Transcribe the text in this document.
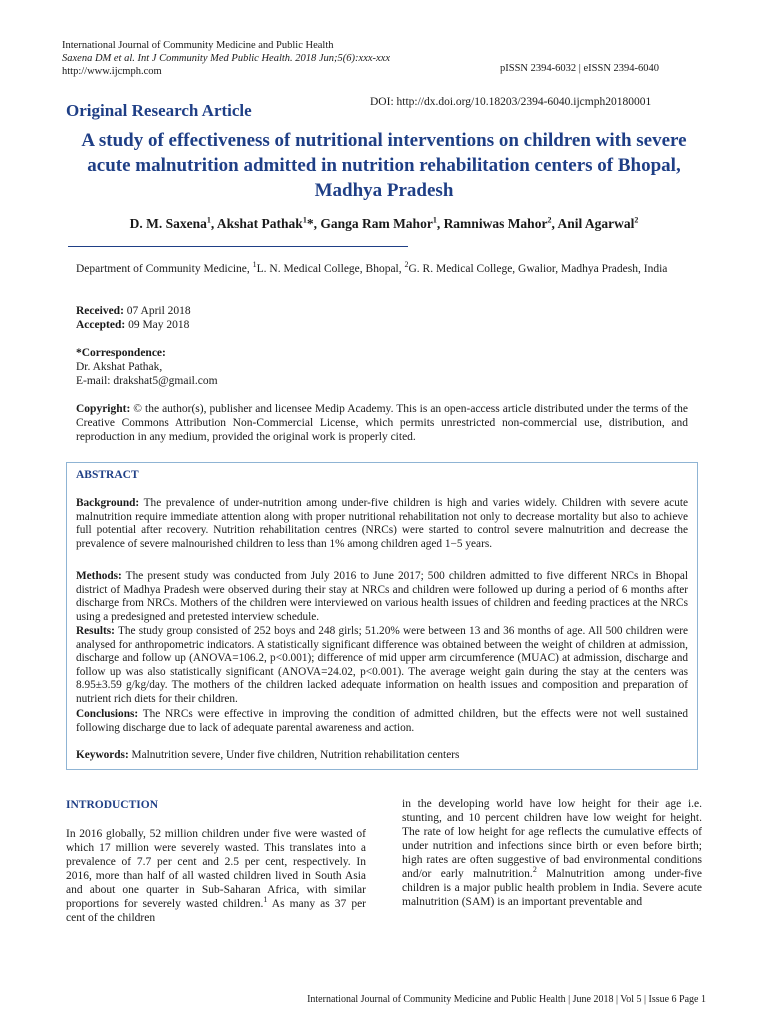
International Journal of Community Medicine and Public Health
Saxena DM et al. Int J Community Med Public Health. 2018 Jun;5(6):xxx-xxx
http://www.ijcmph.com	pISSN 2394-6032 | eISSN 2394-6040
DOI: http://dx.doi.org/10.18203/2394-6040.ijcmph20180001
Original Research Article
A study of effectiveness of nutritional interventions on children with severe acute malnutrition admitted in nutrition rehabilitation centers of Bhopal, Madhya Pradesh
D. M. Saxena$^1$, Akshat Pathak$^1$*, Ganga Ram Mahor$^1$, Ramniwas Mahor$^2$, Anil Agarwal$^2$
Department of Community Medicine, $^1$L. N. Medical College, Bhopal, $^2$G. R. Medical College, Gwalior, Madhya Pradesh, India
Received: 07 April 2018
Accepted: 09 May 2018
*Correspondence:
Dr. Akshat Pathak,
E-mail: drakshat5@gmail.com
Copyright: © the author(s), publisher and licensee Medip Academy. This is an open-access article distributed under the terms of the Creative Commons Attribution Non-Commercial License, which permits unrestricted non-commercial use, distribution, and reproduction in any medium, provided the original work is properly cited.
ABSTRACT
Background: The prevalence of under-nutrition among under-five children is high and varies widely. Children with severe acute malnutrition require immediate attention along with proper nutritional rehabilitation not only to decrease mortality but also to achieve full potential after recovery. Nutrition rehabilitation centres (NRCs) were started to control severe malnutrition and decrease the prevalence of severe malnourished children to less than 1% among children aged 1−5 years.
Methods: The present study was conducted from July 2016 to June 2017; 500 children admitted to five different NRCs in Bhopal district of Madhya Pradesh were observed during their stay at NRCs and children were followed up during a period of 6 months after discharge from NRCs. Mothers of the children were interviewed on various health issues of children and feeding practices at the NRCs using a predesigned and pretested interview schedule.
Results: The study group consisted of 252 boys and 248 girls; 51.20% were between 13 and 36 months of age. All 500 children were analysed for anthropometric indicators. A statistically significant difference was obtained between the weight of children at admission, discharge and follow up (ANOVA=106.2, p<0.001); difference of mid upper arm circumference (MUAC) at admission, discharge and follow up was also statistically significant (ANOVA=24.02, p<0.001). The average weight gain during the stay at the centers was 8.95±3.59 g/kg/day. The mothers of the children lacked adequate information on health issues and composition and preparation of nutrient rich diets for their children.
Conclusions: The NRCs were effective in improving the condition of admitted children, but the effects were not well sustained following discharge due to lack of adequate parental awareness and action.
Keywords: Malnutrition severe, Under five children, Nutrition rehabilitation centers
INTRODUCTION
In 2016 globally, 52 million children under five were wasted of which 17 million were severely wasted. This translates into a prevalence of 7.7 per cent and 2.5 per cent, respectively. In 2016, more than half of all wasted children lived in South Asia and about one quarter in Sub-Saharan Africa, with similar proportions for severely wasted children.$^1$ As many as 37 per cent of the children
in the developing world have low height for their age i.e. stunting, and 10 percent children have low weight for height. The rate of low height for age reflects the cumulative effects of under nutrition and infections since birth or even before birth; high rates are often suggestive of bad environmental conditions and/or early malnutrition.$^2$ Malnutrition among under-five children is a major public health problem in India. Severe acute malnutrition (SAM) is an important preventable and
International Journal of Community Medicine and Public Health | June 2018 | Vol 5 | Issue 6 Page 1
